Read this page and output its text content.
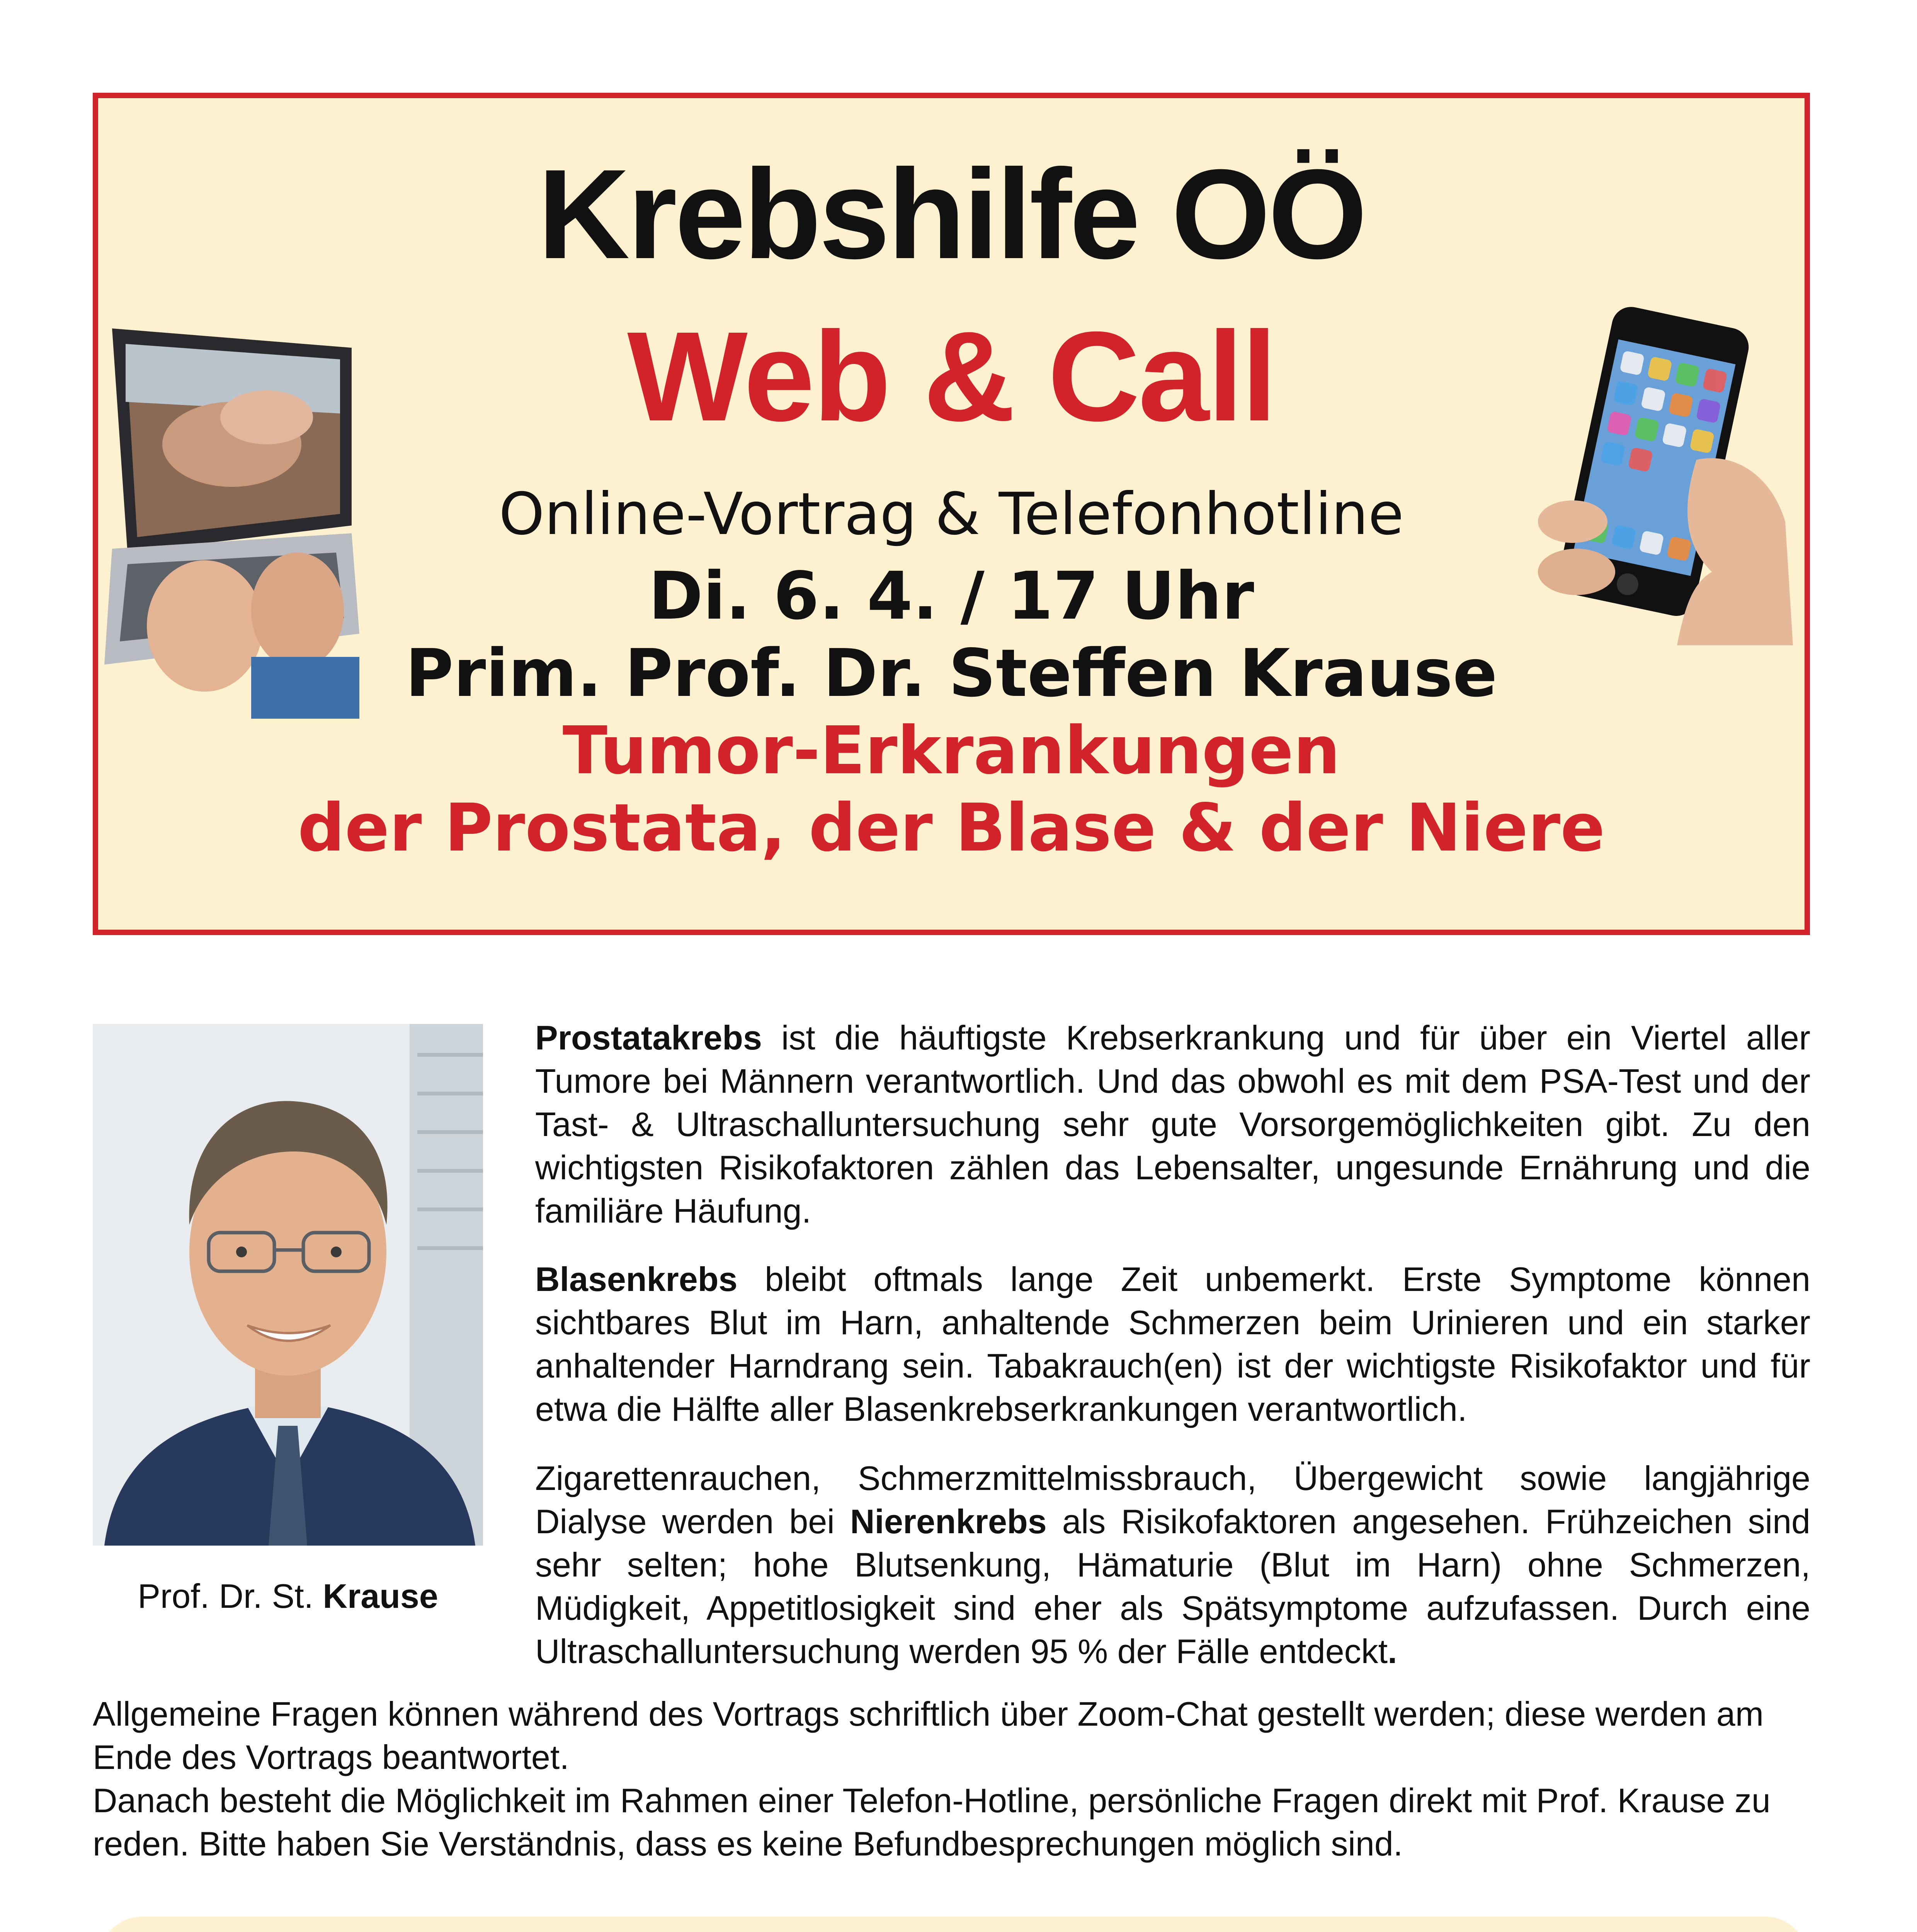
Krebshilfe OÖ
Web & Call
Online-Vortrag & Telefonhotline
Di. 6. 4. / 17 Uhr
Prim. Prof. Dr. Steffen Krause
Tumor-Erkrankungen
der Prostata, der Blase & der Niere
Prof. Dr. St. Krause
Prostatakrebs ist die häuftigste Krebserkrankung und für über ein Viertel aller Tumore bei Männern verantwortlich. Und das obwohl es mit dem PSA-Test und der Tast- & Ultraschalluntersuchung sehr gute Vorsorgemöglichkeiten gibt. Zu den wichtigsten Risikofaktoren zählen das Lebensalter, ungesunde Ernährung und die familiäre Häufung.
Blasenkrebs bleibt oftmals lange Zeit unbemerkt. Erste Symptome können sichtbares Blut im Harn, anhaltende Schmerzen beim Urinieren und ein starker anhaltender Harndrang sein. Tabakrauch(en) ist der wichtigste Risikofaktor und für etwa die Hälfte aller Blasenkrebserkrankungen verantwortlich.
Zigarettenrauchen, Schmerzmittelmissbrauch, Übergewicht sowie langjährige Dialyse werden bei Nierenkrebs als Risikofaktoren angesehen. Frühzeichen sind sehr selten; hohe Blutsenkung, Hämaturie (Blut im Harn) ohne Schmerzen, Müdigkeit, Appetitlosigkeit sind eher als Spätsymptome aufzufassen. Durch eine Ultraschalluntersuchung werden 95 % der Fälle entdeckt.

Allgemeine Fragen können während des Vortrags schriftlich über Zoom-Chat gestellt werden; diese werden am Ende des Vortrags beantwortet.

Danach besteht die Möglichkeit im Rahmen einer Telefon-Hotline, persönliche Fragen direkt mit Prof. Krause zu reden. Bitte haben Sie Verständnis, dass es keine Befundbesprechungen möglich sind.
